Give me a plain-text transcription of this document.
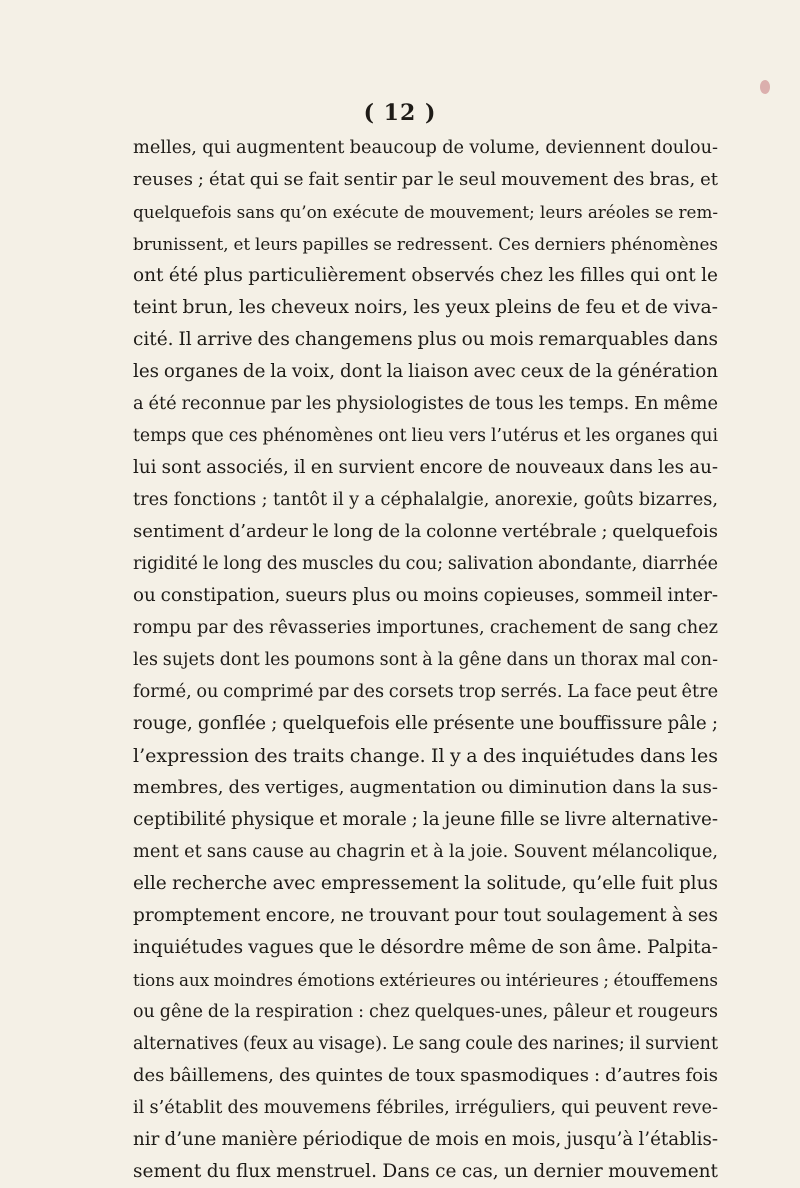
( 12 )
melles, qui augmentent beaucoup de volume, deviennent doulou-
reuses ; état qui se fait sentir par le seul mouvement des bras, et
quelquefois sans qu’on exécute de mouvement; leurs aréoles se rem-
brunissent, et leurs papilles se redressent. Ces derniers phénomènes
ont été plus particulièrement observés chez les filles qui ont le
teint brun, les cheveux noirs, les yeux pleins de feu et de viva-
cité. Il arrive des changemens plus ou mois remarquables dans
les organes de la voix, dont la liaison avec ceux de la génération
a été reconnue par les physiologistes de tous les temps. En même
temps que ces phénomènes ont lieu vers l’utérus et les organes qui
lui sont associés, il en survient encore de nouveaux dans les au-
tres fonctions ; tantôt il y a céphalalgie, anorexie, goûts bizarres,
sentiment d’ardeur le long de la colonne vertébrale ; quelquefois
rigidité le long des muscles du cou; salivation abondante, diarrhée
ou constipation, sueurs plus ou moins copieuses, sommeil inter-
rompu par des rêvasseries importunes, crachement de sang chez
les sujets dont les poumons sont à la gêne dans un thorax mal con-
formé, ou comprimé par des corsets trop serrés. La face peut être
rouge, gonflée ; quelquefois elle présente une bouffissure pâle ;
l’expression des traits change. Il y a des inquiétudes dans les
membres, des vertiges, augmentation ou diminution dans la sus-
ceptibilité physique et morale ; la jeune fille se livre alternative-
ment et sans cause au chagrin et à la joie. Souvent mélancolique,
elle recherche avec empressement la solitude, qu’elle fuit plus
promptement encore, ne trouvant pour tout soulagement à ses
inquiétudes vagues que le désordre même de son âme. Palpita-
tions aux moindres émotions extérieures ou intérieures ; étouffemens
ou gêne de la respiration : chez quelques-unes, pâleur et rougeurs
alternatives (feux au visage). Le sang coule des narines; il survient
des bâillemens, des quintes de toux spasmodiques : d’autres fois
il s’établit des mouvemens fébriles, irréguliers, qui peuvent reve-
nir d’une manière périodique de mois en mois, jusqu’à l’établis-
sement du flux menstruel. Dans ce cas, un dernier mouvement
